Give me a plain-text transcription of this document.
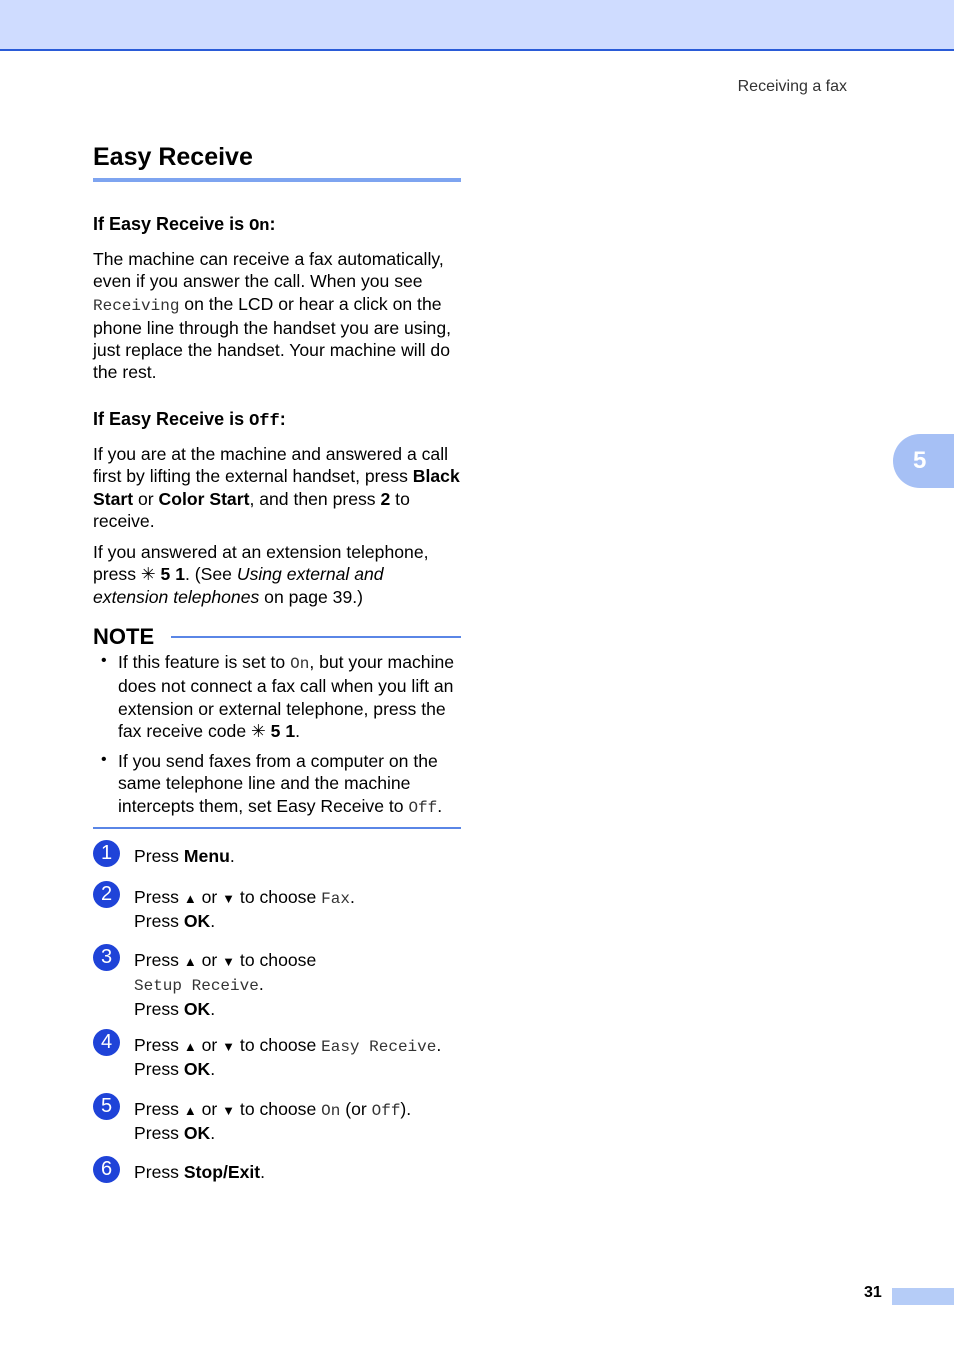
Receiving a fax
Easy Receive
If Easy Receive is On:
The machine can receive a fax automatically, even if you answer the call. When you see Receiving on the LCD or hear a click on the phone line through the handset you are using, just replace the handset. Your machine will do the rest.
If Easy Receive is Off:
If you are at the machine and answered a call first by lifting the external handset, press Black Start or Color Start, and then press 2 to receive.
If you answered at an extension telephone, press ✳ 5 1. (See Using external and extension telephones on page 39.)
NOTE
• If this feature is set to On, but your machine does not connect a fax call when you lift an extension or external telephone, press the fax receive code ✳ 5 1.
• If you send faxes from a computer on the same telephone line and the machine intercepts them, set Easy Receive to Off.
1	Press Menu.
2	Press ▲ or ▼ to choose Fax.
Press OK.
3	Press ▲ or ▼ to choose
Setup Receive.
Press OK.
4	Press ▲ or ▼ to choose Easy Receive.
Press OK.
5	Press ▲ or ▼ to choose On (or Off).
Press OK.
6	Press Stop/Exit.
5
31
